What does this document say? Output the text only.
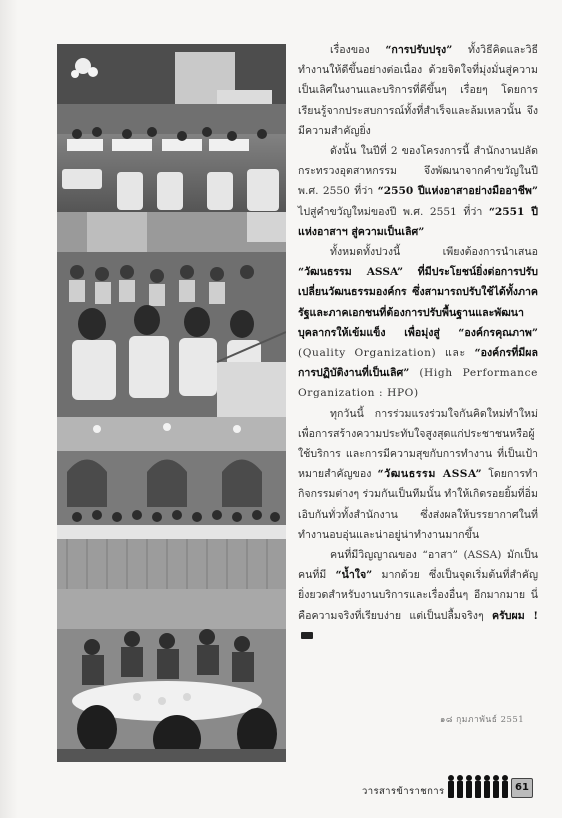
เรื่องของ “การปรับปรุง” ทั้งวิธีคิดและวิธีทำงานให้ดีขึ้นอย่างต่อเนื่อง ด้วยจิตใจที่มุ่งมั่นสู่ความเป็นเลิศในงานและบริการที่ดีขึ้นๆ เรื่อยๆ โดยการเรียนรู้จากประสบการณ์ทั้งที่สำเร็จและล้มเหลวนั้น จึงมีความสำคัญยิ่ง

ดังนั้น ในปีที่ 2 ของโครงการนี้ สำนักงานปลัดกระทรวงอุตสาหกรรม จึงพัฒนาจากคำขวัญในปี พ.ศ. 2550 ที่ว่า “2550 ปีแห่งอาสาอย่างมืออาชีพ” ไปสู่คำขวัญใหม่ของปี พ.ศ. 2551 ที่ว่า “2551 ปี แห่งอาสาฯ สู่ความเป็นเลิศ”

ทั้งหมดทั้งปวงนี้ เพียงต้องการนำเสนอ “วัฒนธรรม ASSA” ที่มีประโยชน์ยิ่งต่อการปรับเปลี่ยนวัฒนธรรมองค์กร ซึ่งสามารถปรับใช้ได้ทั้งภาครัฐและภาคเอกชนที่ต้องการปรับพื้นฐานและพัฒนาบุคลากรให้เข้มแข็ง เพื่อมุ่งสู่ “องค์กรคุณภาพ” (Quality Organization) และ “องค์กรที่มีผลการปฏิบัติงานที่เป็นเลิศ” (High Performance Organization : HPO)

ทุกวันนี้ การร่วมแรงร่วมใจกันคิดใหม่ทำใหม่ เพื่อการสร้างความประทับใจสูงสุดแก่ประชาชนหรือผู้ใช้บริการ และการมีความสุขกับการทำงาน ที่เป็นเป้าหมายสำคัญของ “วัฒนธรรม ASSA” โดยการทำกิจกรรมต่างๆ ร่วมกันเป็นทีมนั้น ทำให้เกิดรอยยิ้มที่อิ่มเอิบกันทั่วทั้งสำนักงาน ซึ่งส่งผลให้บรรยากาศในที่ทำงานอบอุ่นและน่าอยู่น่าทำงานมากขึ้น

คนที่มีวิญญาณของ “อาสา” (ASSA) มักเป็นคนที่มี “น้ำใจ” มากด้วย ซึ่งเป็นจุดเริ่มต้นที่สำคัญยิ่งยวดสำหรับงานบริการและเรื่องอื่นๆ อีกมากมาย นี่คือความจริงที่เรียบง่าย แต่เป็นปลื้มจริงๆ ครับผม !

๑๘ กุมภาพันธ์ 2551
วารสารข้าราชการ	61
